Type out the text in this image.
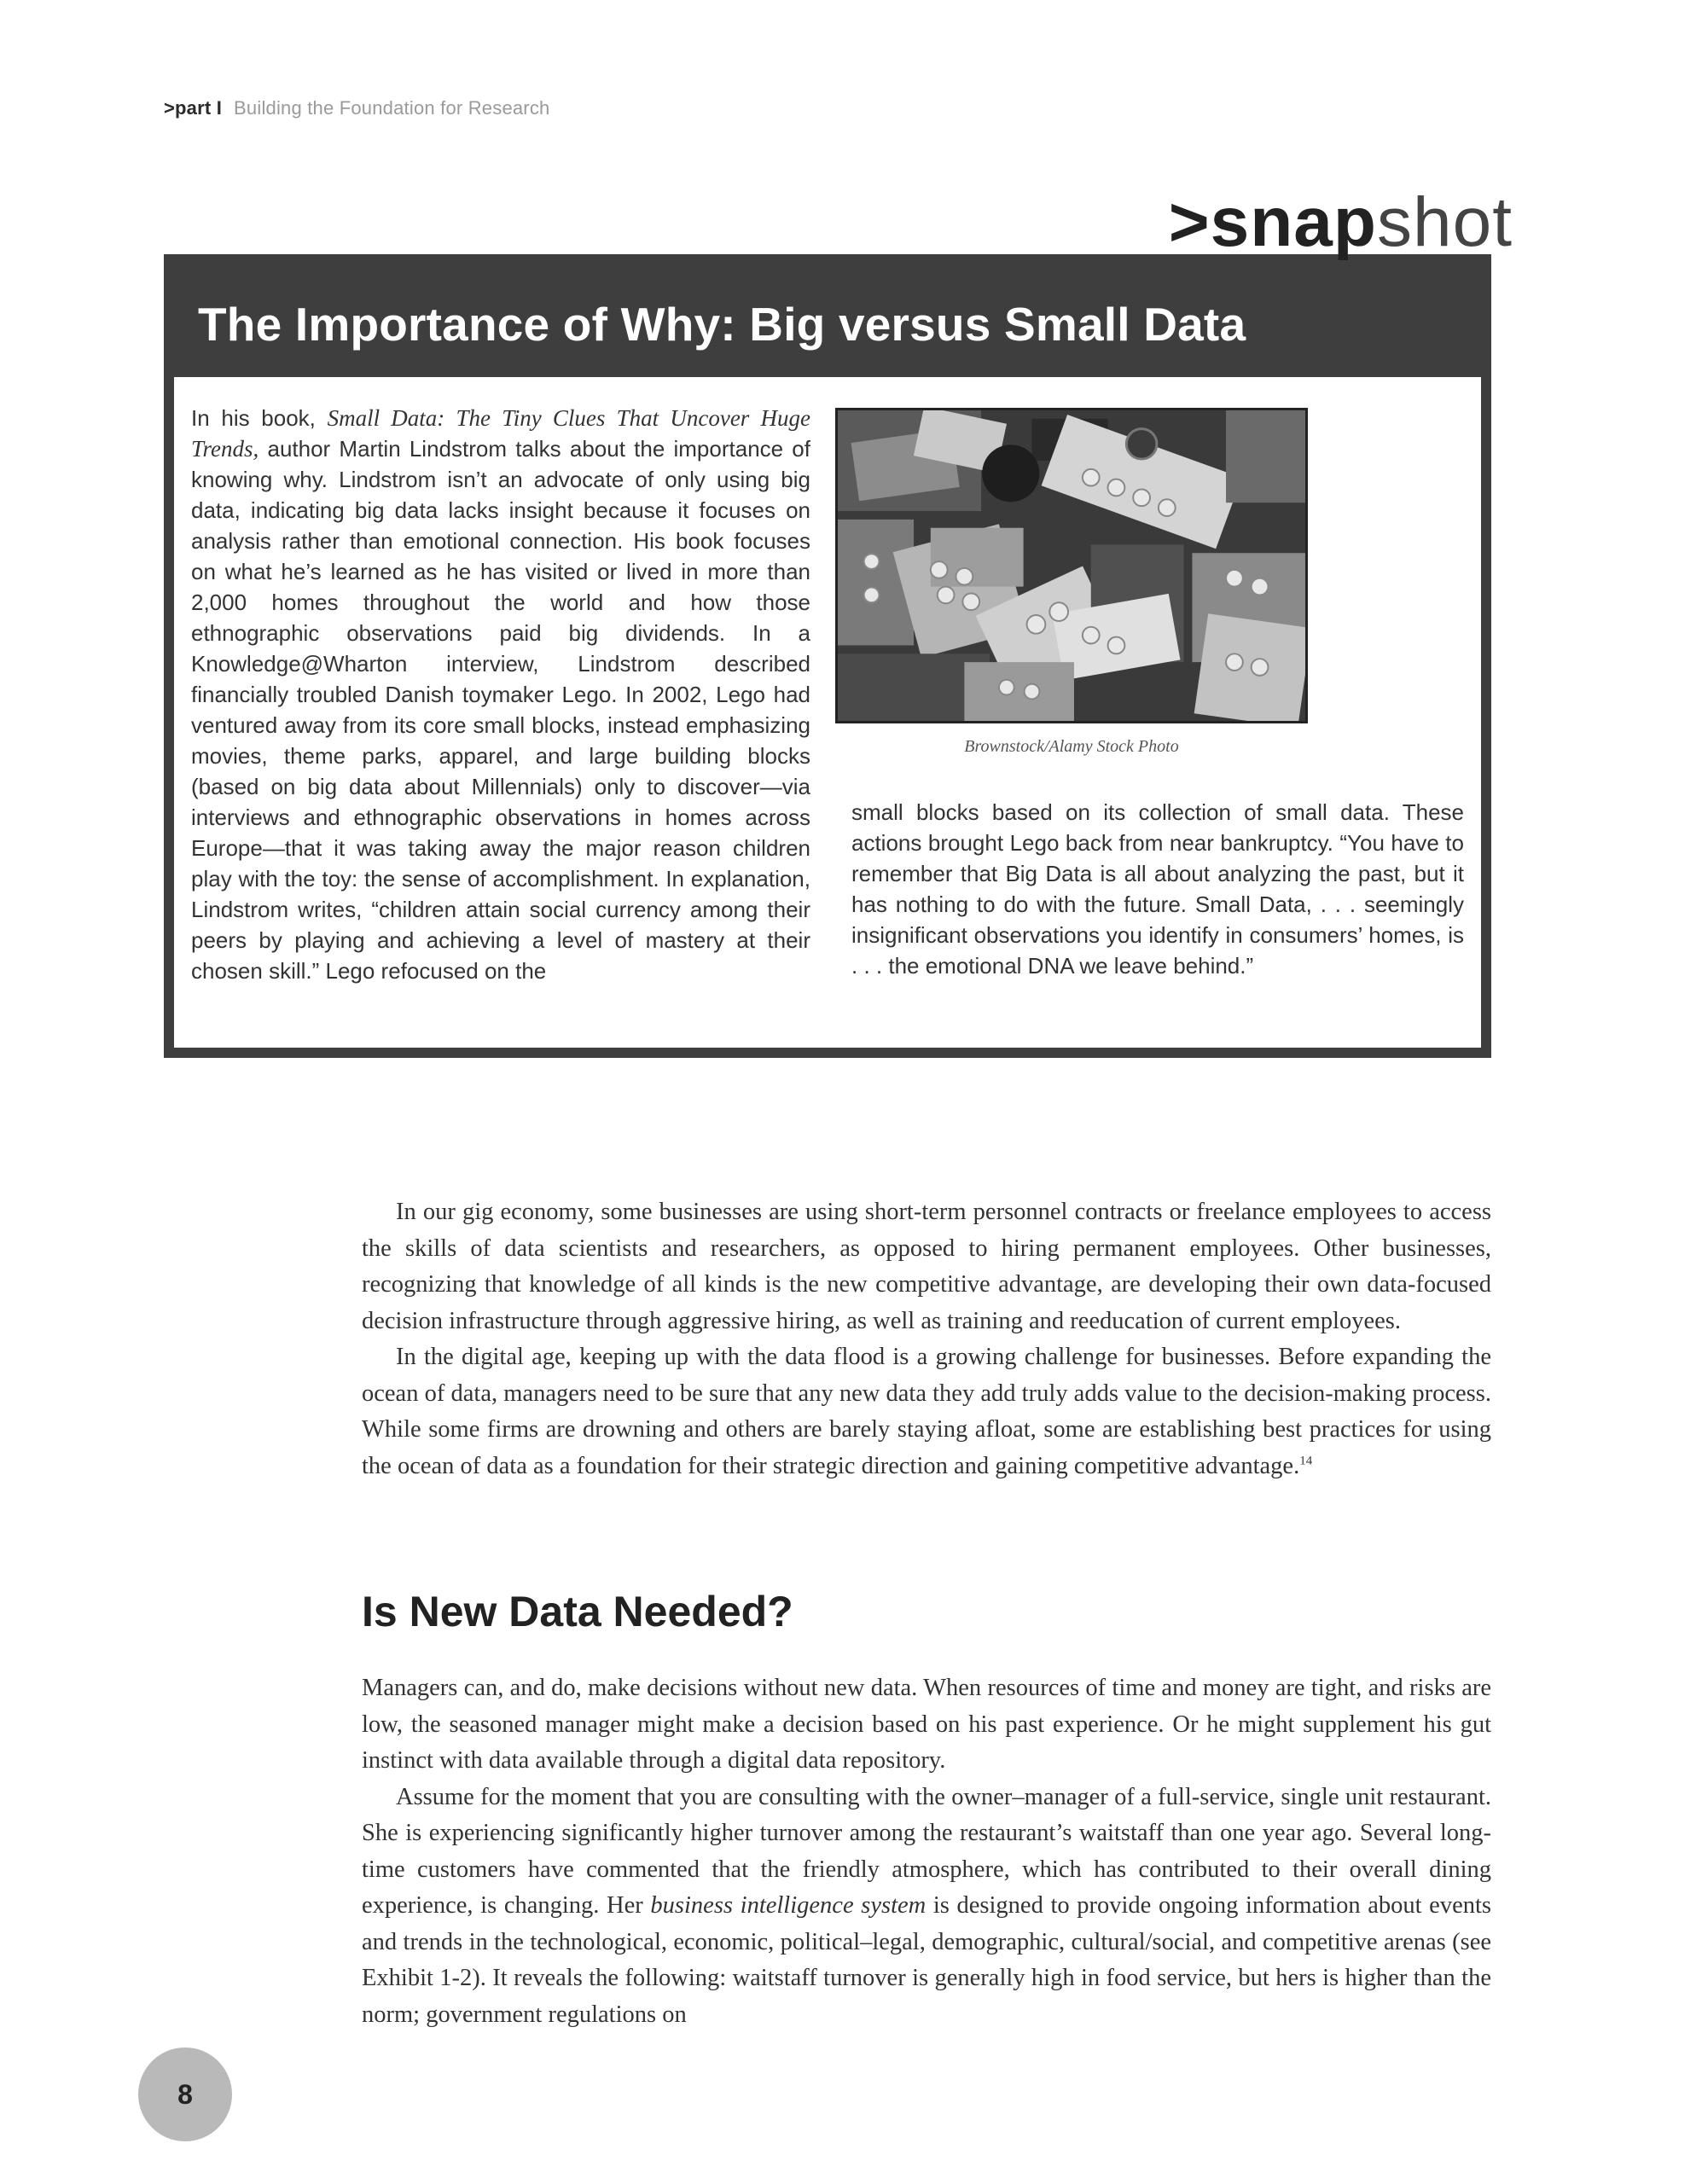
>part I Building the Foundation for Research
The Importance of Why: Big versus Small Data
In his book, Small Data: The Tiny Clues That Uncover Huge Trends, author Martin Lindstrom talks about the importance of knowing why. Lindstrom isn’t an advocate of only using big data, indicating big data lacks insight because it focuses on analysis rather than emotional connection. His book focuses on what he’s learned as he has visited or lived in more than 2,000 homes throughout the world and how those ethnographic observations paid big dividends. In a Knowledge@Wharton interview, Lindstrom described financially troubled Danish toymaker Lego. In 2002, Lego had ventured away from its core small blocks, instead emphasizing movies, theme parks, apparel, and large building blocks (based on big data about Millennials) only to discover—via interviews and ethnographic observations in homes across Europe—that it was taking away the major reason children play with the toy: the sense of accomplishment. In explanation, Lindstrom writes, “children attain social currency among their peers by playing and achieving a level of mastery at their chosen skill.” Lego refocused on the
Brownstock/Alamy Stock Photo
small blocks based on its collection of small data. These actions brought Lego back from near bankruptcy. “You have to remember that Big Data is all about analyzing the past, but it has nothing to do with the future. Small Data, . . . seemingly insignificant observations you identify in consumers’ homes, is . . . the emotional DNA we leave behind.”
>snapshot

In our gig economy, some businesses are using short-term personnel contracts or freelance employees to access the skills of data scientists and researchers, as opposed to hiring permanent employees. Other businesses, recognizing that knowledge of all kinds is the new competitive advantage, are developing their own data-focused decision infrastructure through aggressive hiring, as well as training and reeducation of current employees.

In the digital age, keeping up with the data flood is a growing challenge for businesses. Before expanding the ocean of data, managers need to be sure that any new data they add truly adds value to the decision-making process. While some firms are drowning and others are barely staying afloat, some are establishing best practices for using the ocean of data as a foundation for their strategic direction and gaining competitive advantage.$^{14}$

Is New Data Needed?

Managers can, and do, make decisions without new data. When resources of time and money are tight, and risks are low, the seasoned manager might make a decision based on his past experience. Or he might supplement his gut instinct with data available through a digital data repository.

Assume for the moment that you are consulting with the owner–manager of a full-service, single unit restaurant. She is experiencing significantly higher turnover among the restaurant’s waitstaff than one year ago. Several long-time customers have commented that the friendly atmosphere, which has contributed to their overall dining experience, is changing. Her business intelligence system is designed to provide ongoing information about events and trends in the technological, economic, political–legal, demographic, cultural/social, and competitive arenas (see Exhibit 1-2). It reveals the following: waitstaff turnover is generally high in food service, but hers is higher than the norm; government regulations on

8
